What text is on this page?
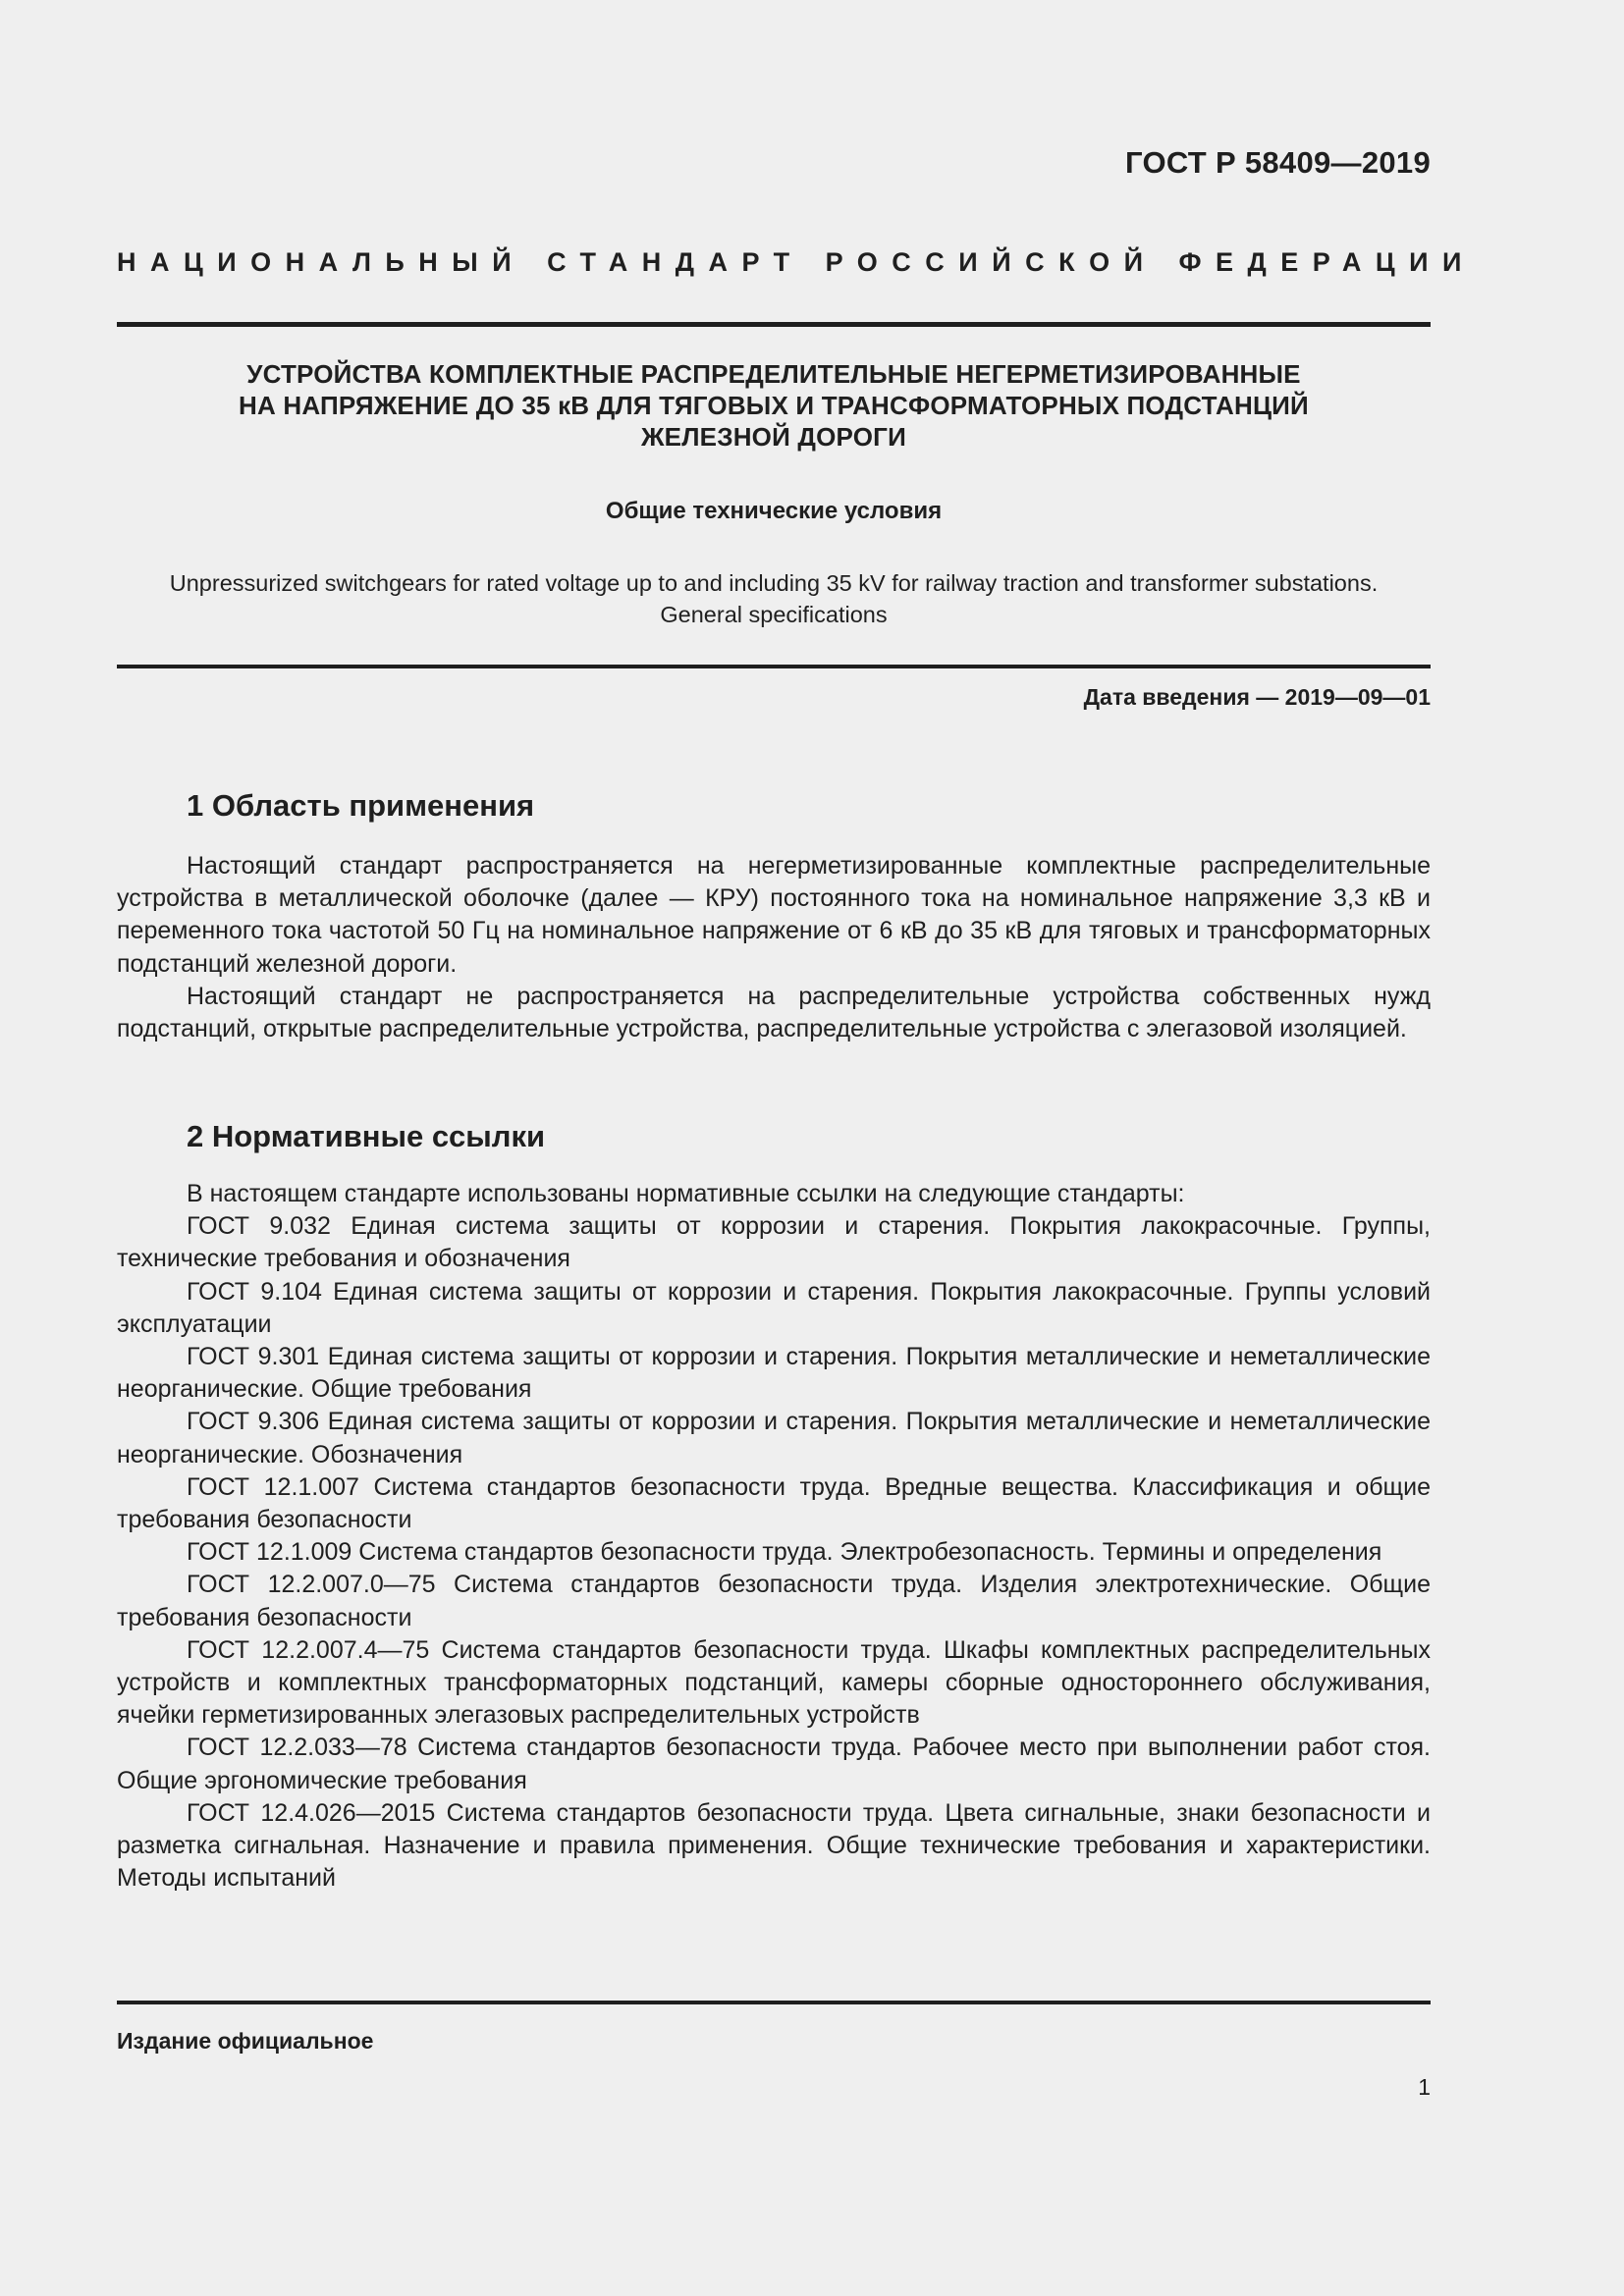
ГОСТ Р 58409—2019
НАЦИОНАЛЬНЫЙ СТАНДАРТ РОССИЙСКОЙ ФЕДЕРАЦИИ
УСТРОЙСТВА КОМПЛЕКТНЫЕ РАСПРЕДЕЛИТЕЛЬНЫЕ НЕГЕРМЕТИЗИРОВАННЫЕ
НА НАПРЯЖЕНИЕ ДО 35 кВ ДЛЯ ТЯГОВЫХ И ТРАНСФОРМАТОРНЫХ ПОДСТАНЦИЙ
ЖЕЛЕЗНОЙ ДОРОГИ
Общие технические условия
Unpressurized switchgears for rated voltage up to and including 35 kV for railway traction and transformer substations.
General specifications
Дата введения — 2019—09—01
1 Область применения

Настоящий стандарт распространяется на негерметизированные комплектные распределительные устройства в металлической оболочке (далее — КРУ) постоянного тока на номинальное напряжение 3,3 кВ и переменного тока частотой 50 Гц на номинальное напряжение от 6 кВ до 35 кВ для тяговых и трансформаторных подстанций железной дороги.

Настоящий стандарт не распространяется на распределительные устройства собственных нужд подстанций, открытые распределительные устройства, распределительные устройства с элегазовой изоляцией.

2 Нормативные ссылки

В настоящем стандарте использованы нормативные ссылки на следующие стандарты:

ГОСТ 9.032 Единая система защиты от коррозии и старения. Покрытия лакокрасочные. Группы, технические требования и обозначения

ГОСТ 9.104 Единая система защиты от коррозии и старения. Покрытия лакокрасочные. Группы условий эксплуатации

ГОСТ 9.301 Единая система защиты от коррозии и старения. Покрытия металлические и неметаллические неорганические. Общие требования

ГОСТ 9.306 Единая система защиты от коррозии и старения. Покрытия металлические и неметаллические неорганические. Обозначения

ГОСТ 12.1.007 Система стандартов безопасности труда. Вредные вещества. Классификация и общие требования безопасности

ГОСТ 12.1.009 Система стандартов безопасности труда. Электробезопасность. Термины и определения

ГОСТ 12.2.007.0—75 Система стандартов безопасности труда. Изделия электротехнические. Общие требования безопасности

ГОСТ 12.2.007.4—75 Система стандартов безопасности труда. Шкафы комплектных распределительных устройств и комплектных трансформаторных подстанций, камеры сборные одностороннего обслуживания, ячейки герметизированных элегазовых распределительных устройств

ГОСТ 12.2.033—78 Система стандартов безопасности труда. Рабочее место при выполнении работ стоя. Общие эргономические требования

ГОСТ 12.4.026—2015 Система стандартов безопасности труда. Цвета сигнальные, знаки безопасности и разметка сигнальная. Назначение и правила применения. Общие технические требования и характеристики. Методы испытаний

Издание официальное
1
